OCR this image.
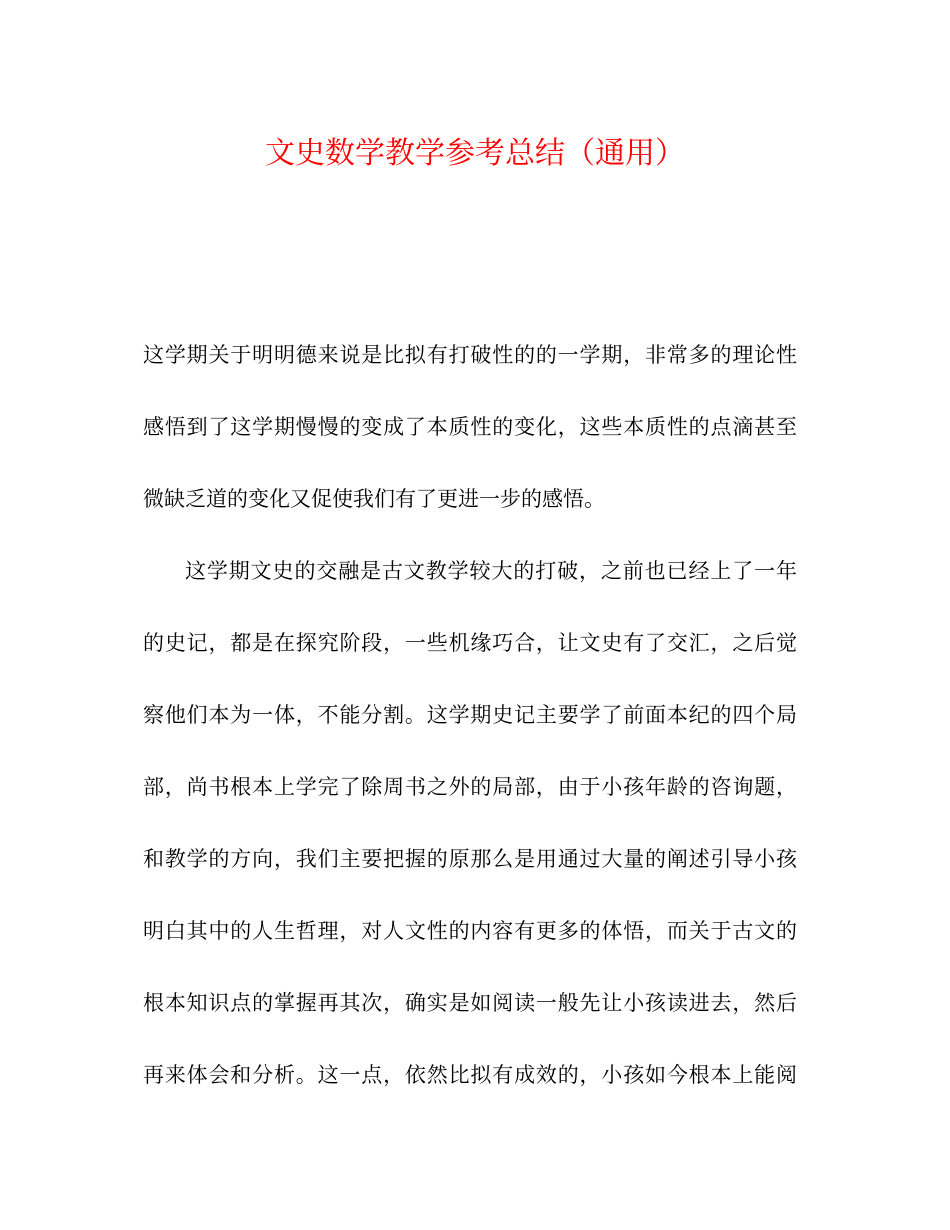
文史数学教学参考总结（通用）
这学期关于明明德来说是比拟有打破性的的一学期，非常多的理论性
感悟到了这学期慢慢的变成了本质性的变化，这些本质性的点滴甚至
微缺乏道的变化又促使我们有了更进一步的感悟。
这学期文史的交融是古文教学较大的打破，之前也已经上了一年
的史记，都是在探究阶段，一些机缘巧合，让文史有了交汇，之后觉
察他们本为一体，不能分割。这学期史记主要学了前面本纪的四个局
部，尚书根本上学完了除周书之外的局部，由于小孩年龄的咨询题，
和教学的方向，我们主要把握的原那么是用通过大量的阐述引导小孩
明白其中的人生哲理，对人文性的内容有更多的体悟，而关于古文的
根本知识点的掌握再其次，确实是如阅读一般先让小孩读进去，然后
再来体会和分析。这一点，依然比拟有成效的，小孩如今根本上能阅
